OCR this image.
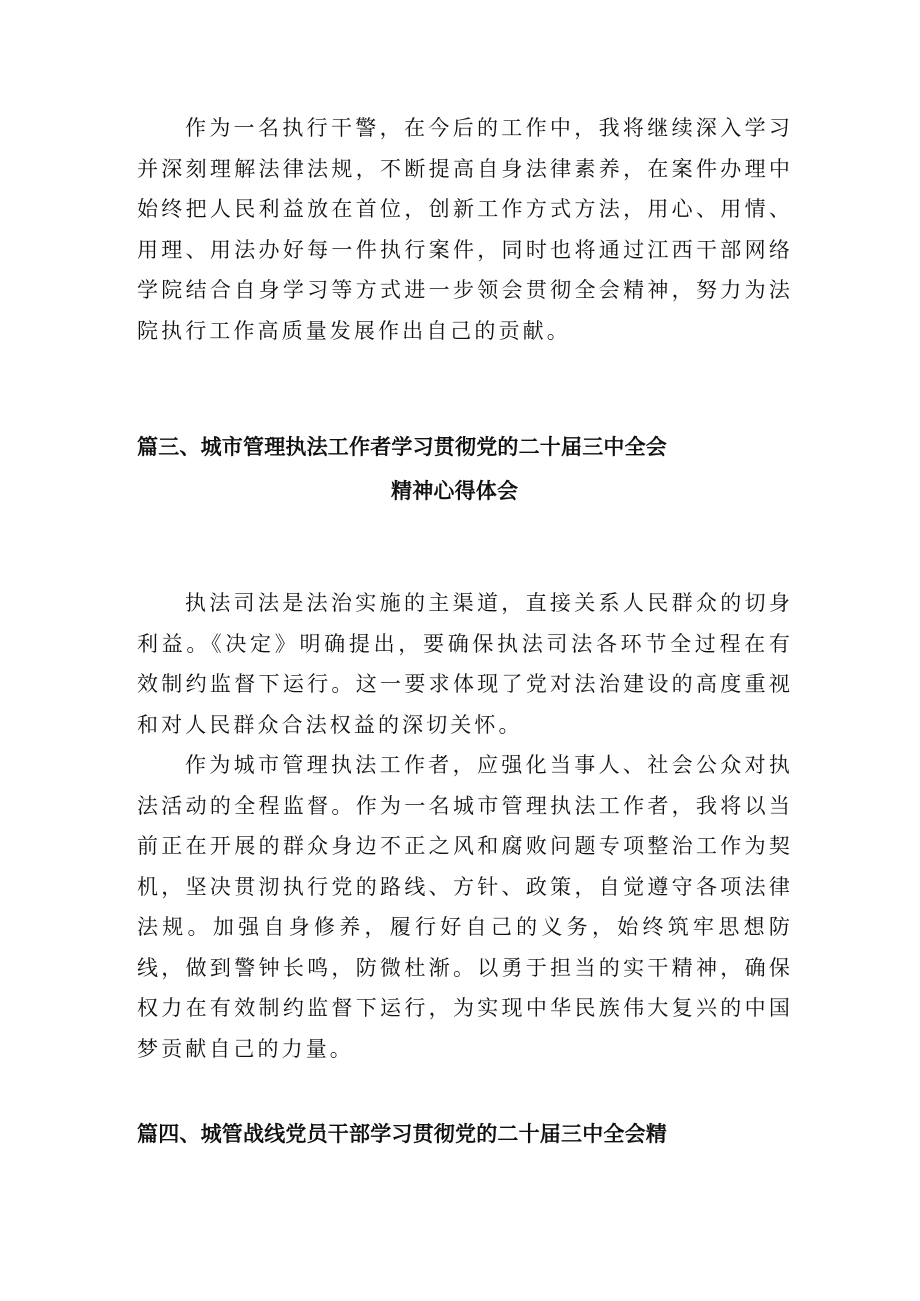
作为一名执行干警，在今后的工作中，我将继续深入学习并深刻理解法律法规，不断提高自身法律素养，在案件办理中始终把人民利益放在首位，创新工作方式方法，用心、用情、用理、用法办好每一件执行案件，同时也将通过江西干部网络学院结合自身学习等方式进一步领会贯彻全会精神，努力为法院执行工作高质量发展作出自己的贡献。

篇三、城市管理执法工作者学习贯彻党的二十届三中全会
精神心得体会

执法司法是法治实施的主渠道，直接关系人民群众的切身利益。《决定》明确提出，要确保执法司法各环节全过程在有效制约监督下运行。这一要求体现了党对法治建设的高度重视和对人民群众合法权益的深切关怀。

作为城市管理执法工作者，应强化当事人、社会公众对执法活动的全程监督。作为一名城市管理执法工作者，我将以当前正在开展的群众身边不正之风和腐败问题专项整治工作为契机，坚决贯沏执行党的路线、方针、政策，自觉遵守各项法律法规。加强自身修养，履行好自己的义务，始终筑牢思想防线，做到警钟长鸣，防微杜渐。以勇于担当的实干精神，确保权力在有效制约监督下运行，为实现中华民族伟大复兴的中国梦贡献自己的力量。

篇四、城管战线党员干部学习贯彻党的二十届三中全会精
